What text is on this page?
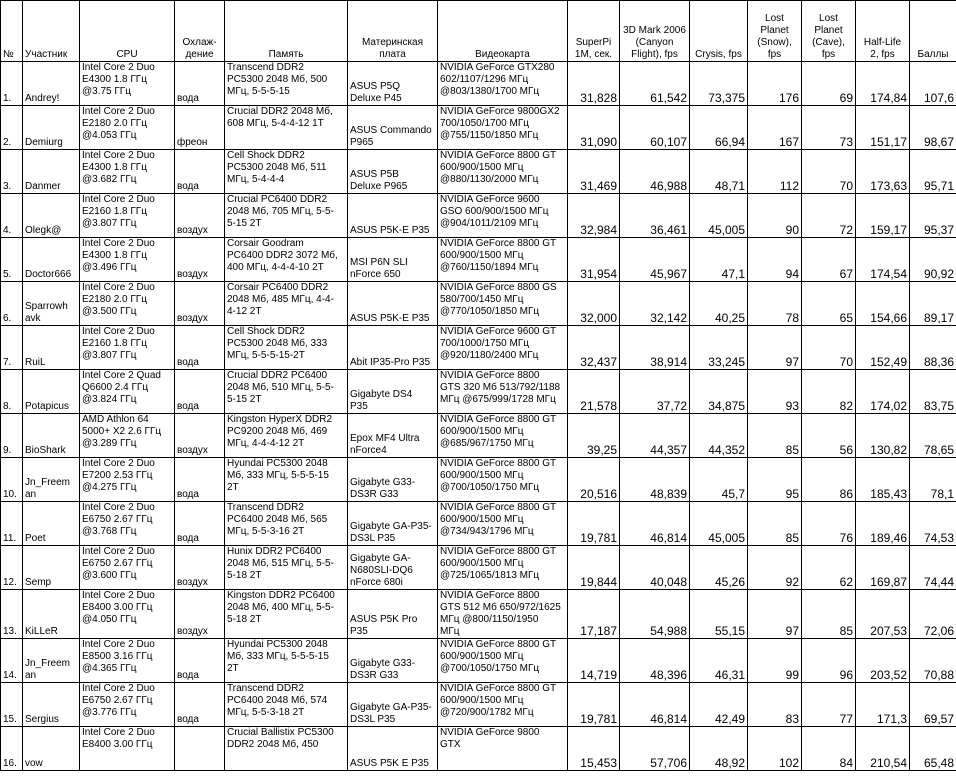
№	Участник	CPU	Охлаж-
дение	Память	Материнская
плата	Видеокарта	SuperPi
1M, сек.	3D Mark 2006
(Canyon
Flight), fps	Crysis, fps	Lost
Planet
(Snow),
fps	Lost
Planet
(Cave),
fps	Half-Life
2, fps	Баллы
1.	Andrey!	Intel Core 2 Duo
E4300 1.8 ГГц
@3.75 ГГц	вода	Transcend DDR2
PC5300 2048 Мб, 500
МГц, 5-5-5-15	ASUS P5Q
Deluxe P45	NVIDIA GeForce GTX280
602/1107/1296 МГц
@803/1380/1700 МГц	31,828	61,542	73,375	176	69	174,84	107,6
2.	Demiurg	Intel Core 2 Duo
E2180 2.0 ГГц
@4.053 ГГц	фреон	Crucial DDR2 2048 Мб,
608 МГц, 5-4-4-12 1T	ASUS Commando
P965	NVIDIA GeForce 9800GX2
700/1050/1700 МГц
@755/1150/1850 МГц	31,090	60,107	66,94	167	73	151,17	98,67
3.	Danmer	Intel Core 2 Duo
E4300 1.8 ГГц
@3.682 ГГц	вода	Cell Shock DDR2
PC5300 2048 Мб, 511
МГц, 5-4-4-4	ASUS P5B
Deluxe P965	NVIDIA GeForce 8800 GT
600/900/1500 МГц
@880/1130/2000 МГц	31,469	46,988	48,71	112	70	173,63	95,71
4.	Olegk@	Intel Core 2 Duo
E2160 1.8 ГГц
@3.807 ГГц	воздух	Crucial PC6400 DDR2
2048 Мб, 705 МГц, 5-5-
5-15 2T	ASUS P5K-E P35	NVIDIA GeForce 9600
GSO 600/900/1500 МГц
@904/1011/2109 МГц	32,984	36,461	45,005	90	72	159,17	95,37
5.	Doctor666	Intel Core 2 Duo
E4300 1.8 ГГц
@3.496 ГГц	воздух	Corsair Goodram
PC6400 DDR2 3072 Мб,
400 МГц, 4-4-4-10 2T	MSI P6N SLI
nForce 650	NVIDIA GeForce 8800 GT
600/900/1500 МГц
@760/1150/1894 МГц	31,954	45,967	47,1	94	67	174,54	90,92
6.	Sparrowh
avk	Intel Core 2 Duo
E2180 2.0 ГГц
@3.500 ГГц	воздух	Corsair PC6400 DDR2
2048 Мб, 485 МГц, 4-4-
4-12 2T	ASUS P5K-E P35	NVIDIA GeForce 8800 GS
580/700/1450 МГц
@770/1050/1850 МГц	32,000	32,142	40,25	78	65	154,66	89,17
7.	RuiL	Intel Core 2 Duo
E2160 1.8 ГГц
@3.807 ГГц	вода	Cell Shock DDR2
PC5300 2048 Мб, 333
МГц, 5-5-5-15-2T	Abit IP35-Pro P35	NVIDIA GeForce 9600 GT
700/1000/1750 МГц
@920/1180/2400 МГц	32,437	38,914	33,245	97	70	152,49	88,36
8.	Potapicus	Intel Core 2 Quad
Q6600 2.4 ГГц
@3.824 ГГц	вода	Crucial DDR2 PC6400
2048 Мб, 510 МГц, 5-5-
5-15 2T	Gigabyte DS4
P35	NVIDIA GeForce 8800
GTS 320 Мб 513/792/1188
МГц @675/999/1728 МГц	21,578	37,72	34,875	93	82	174,02	83,75
9.	BioShark	AMD Athlon 64
5000+ X2 2.6 ГГц
@3.289 ГГц	воздух	Kingston HyperX DDR2
PC9200 2048 Мб, 469
МГц, 4-4-4-12 2T	Epox MF4 Ultra
nForce4	NVIDIA GeForce 8800 GT
600/900/1500 МГц
@685/967/1750 МГц	39,25	44,357	44,352	85	56	130,82	78,65
10.	Jn_Freem
an	Intel Core 2 Duo
E7200 2.53 ГГц
@4.275 ГГц	вода	Hyundai PC5300 2048
Мб, 333 МГц, 5-5-5-15
2T	Gigabyte G33-
DS3R G33	NVIDIA GeForce 8800 GT
600/900/1500 МГц
@700/1050/1750 МГц	20,516	48,839	45,7	95	86	185,43	78,1
11.	Poet	Intel Core 2 Duo
E6750 2.67 ГГц
@3.768 ГГц	вода	Transcend DDR2
PC6400 2048 Мб, 565
МГц, 5-5-3-16 2T	Gigabyte GA-P35-
DS3L P35	NVIDIA GeForce 8800 GT
600/900/1500 МГц
@734/943/1796 МГц	19,781	46,814	45,005	85	76	189,46	74,53
12.	Semp	Intel Core 2 Duo
E6750 2.67 ГГц
@3.600 ГГц	воздух	Hunix DDR2 PC6400
2048 Мб, 515 МГц, 5-5-
5-18 2T	Gigabyte GA-
N680SLI-DQ6
nForce 680i	NVIDIA GeForce 8800 GT
600/900/1500 МГц
@725/1065/1813 МГц	19,844	40,048	45,26	92	62	169,87	74,44
13.	KiLLeR	Intel Core 2 Duo
E8400 3.00 ГГц
@4.050 ГГц	воздух	Kingston DDR2 PC6400
2048 Мб, 400 МГц, 5-5-
5-18 2T	ASUS P5K Pro
P35	NVIDIA GeForce 8800
GTS 512 Мб 650/972/1625
МГц @800/1150/1950
МГц	17,187	54,988	55,15	97	85	207,53	72,06
14.	Jn_Freem
an	Intel Core 2 Duo
E8500 3.16 ГГц
@4.365 ГГц	вода	Hyundai PC5300 2048
Мб, 333 МГц, 5-5-5-15
2T	Gigabyte G33-
DS3R G33	NVIDIA GeForce 8800 GT
600/900/1500 МГц
@700/1050/1750 МГц	14,719	48,396	46,31	99	96	203,52	70,88
15.	Sergius	Intel Core 2 Duo
E6750 2.67 ГГц
@3.776 ГГц	вода	Transcend DDR2
PC6400 2048 Мб, 574
МГц, 5-5-3-18 2T	Gigabyte GA-P35-
DS3L P35	NVIDIA GeForce 8800 GT
600/900/1500 МГц
@720/900/1782 МГц	19,781	46,814	42,49	83	77	171,3	69,57
16.	vow	Intel Core 2 Duo
E8400 3.00 ГГц		Crucial Ballistix PC5300
DDR2 2048 Мб, 450	ASUS P5K E P35	NVIDIA GeForce 9800
GTX	15,453	57,706	48,92	102	84	210,54	65,48
